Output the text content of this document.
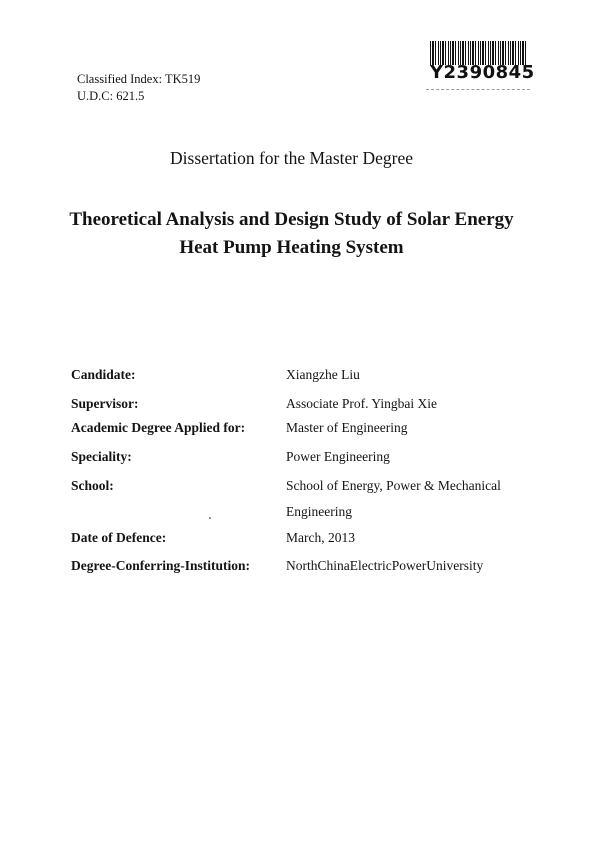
Classified Index: TK519
U.D.C: 621.5
Y2390845
Dissertation for the Master Degree
Theoretical Analysis and Design Study of Solar Energy
Heat Pump Heating System
Candidate:	Xiangzhe Liu
Supervisor:	Associate Prof. Yingbai Xie
Academic Degree Applied for:	Master of Engineering
Speciality:	Power Engineering
School:	School of Energy, Power & Mechanical Engineering
Date of Defence:	March, 2013
Degree-Conferring-Institution:	NorthChinaElectricPowerUniversity
